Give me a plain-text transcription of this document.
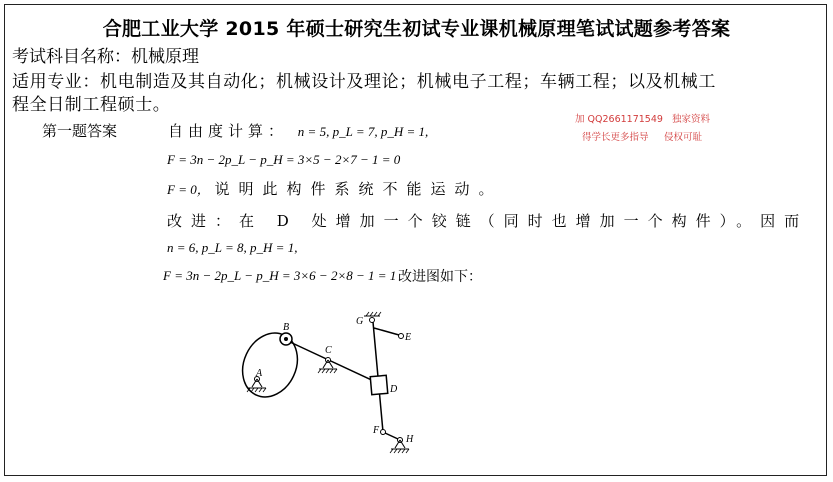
合肥工业大学 2015 年硕士研究生初试专业课机械原理笔试试题参考答案
考试科目名称：机械原理
适用专业：机电制造及其自动化；机械设计及理论；机械电子工程；车辆工程；以及机械工
程全日制工程硕士。
第一题答案	自由度计算： n = 5, p_L = 7, p_H = 1,
加 QQ2661171549 独家资料
得学长更多指导 侵权可耻
F = 3n − 2p_L − p_H = 3×5 − 2×7 − 1 = 0
F = 0， 说明此构件系统不能运动。
改进：在 D 处增加一个铰链（同时也增加一个构件）。因而
n = 6, p_L = 8, p_H = 1,
F = 3n − 2p_L − p_H = 3×6 − 2×8 − 1 = 1 改进图如下：
A
B
C
D
E
F
G
H
